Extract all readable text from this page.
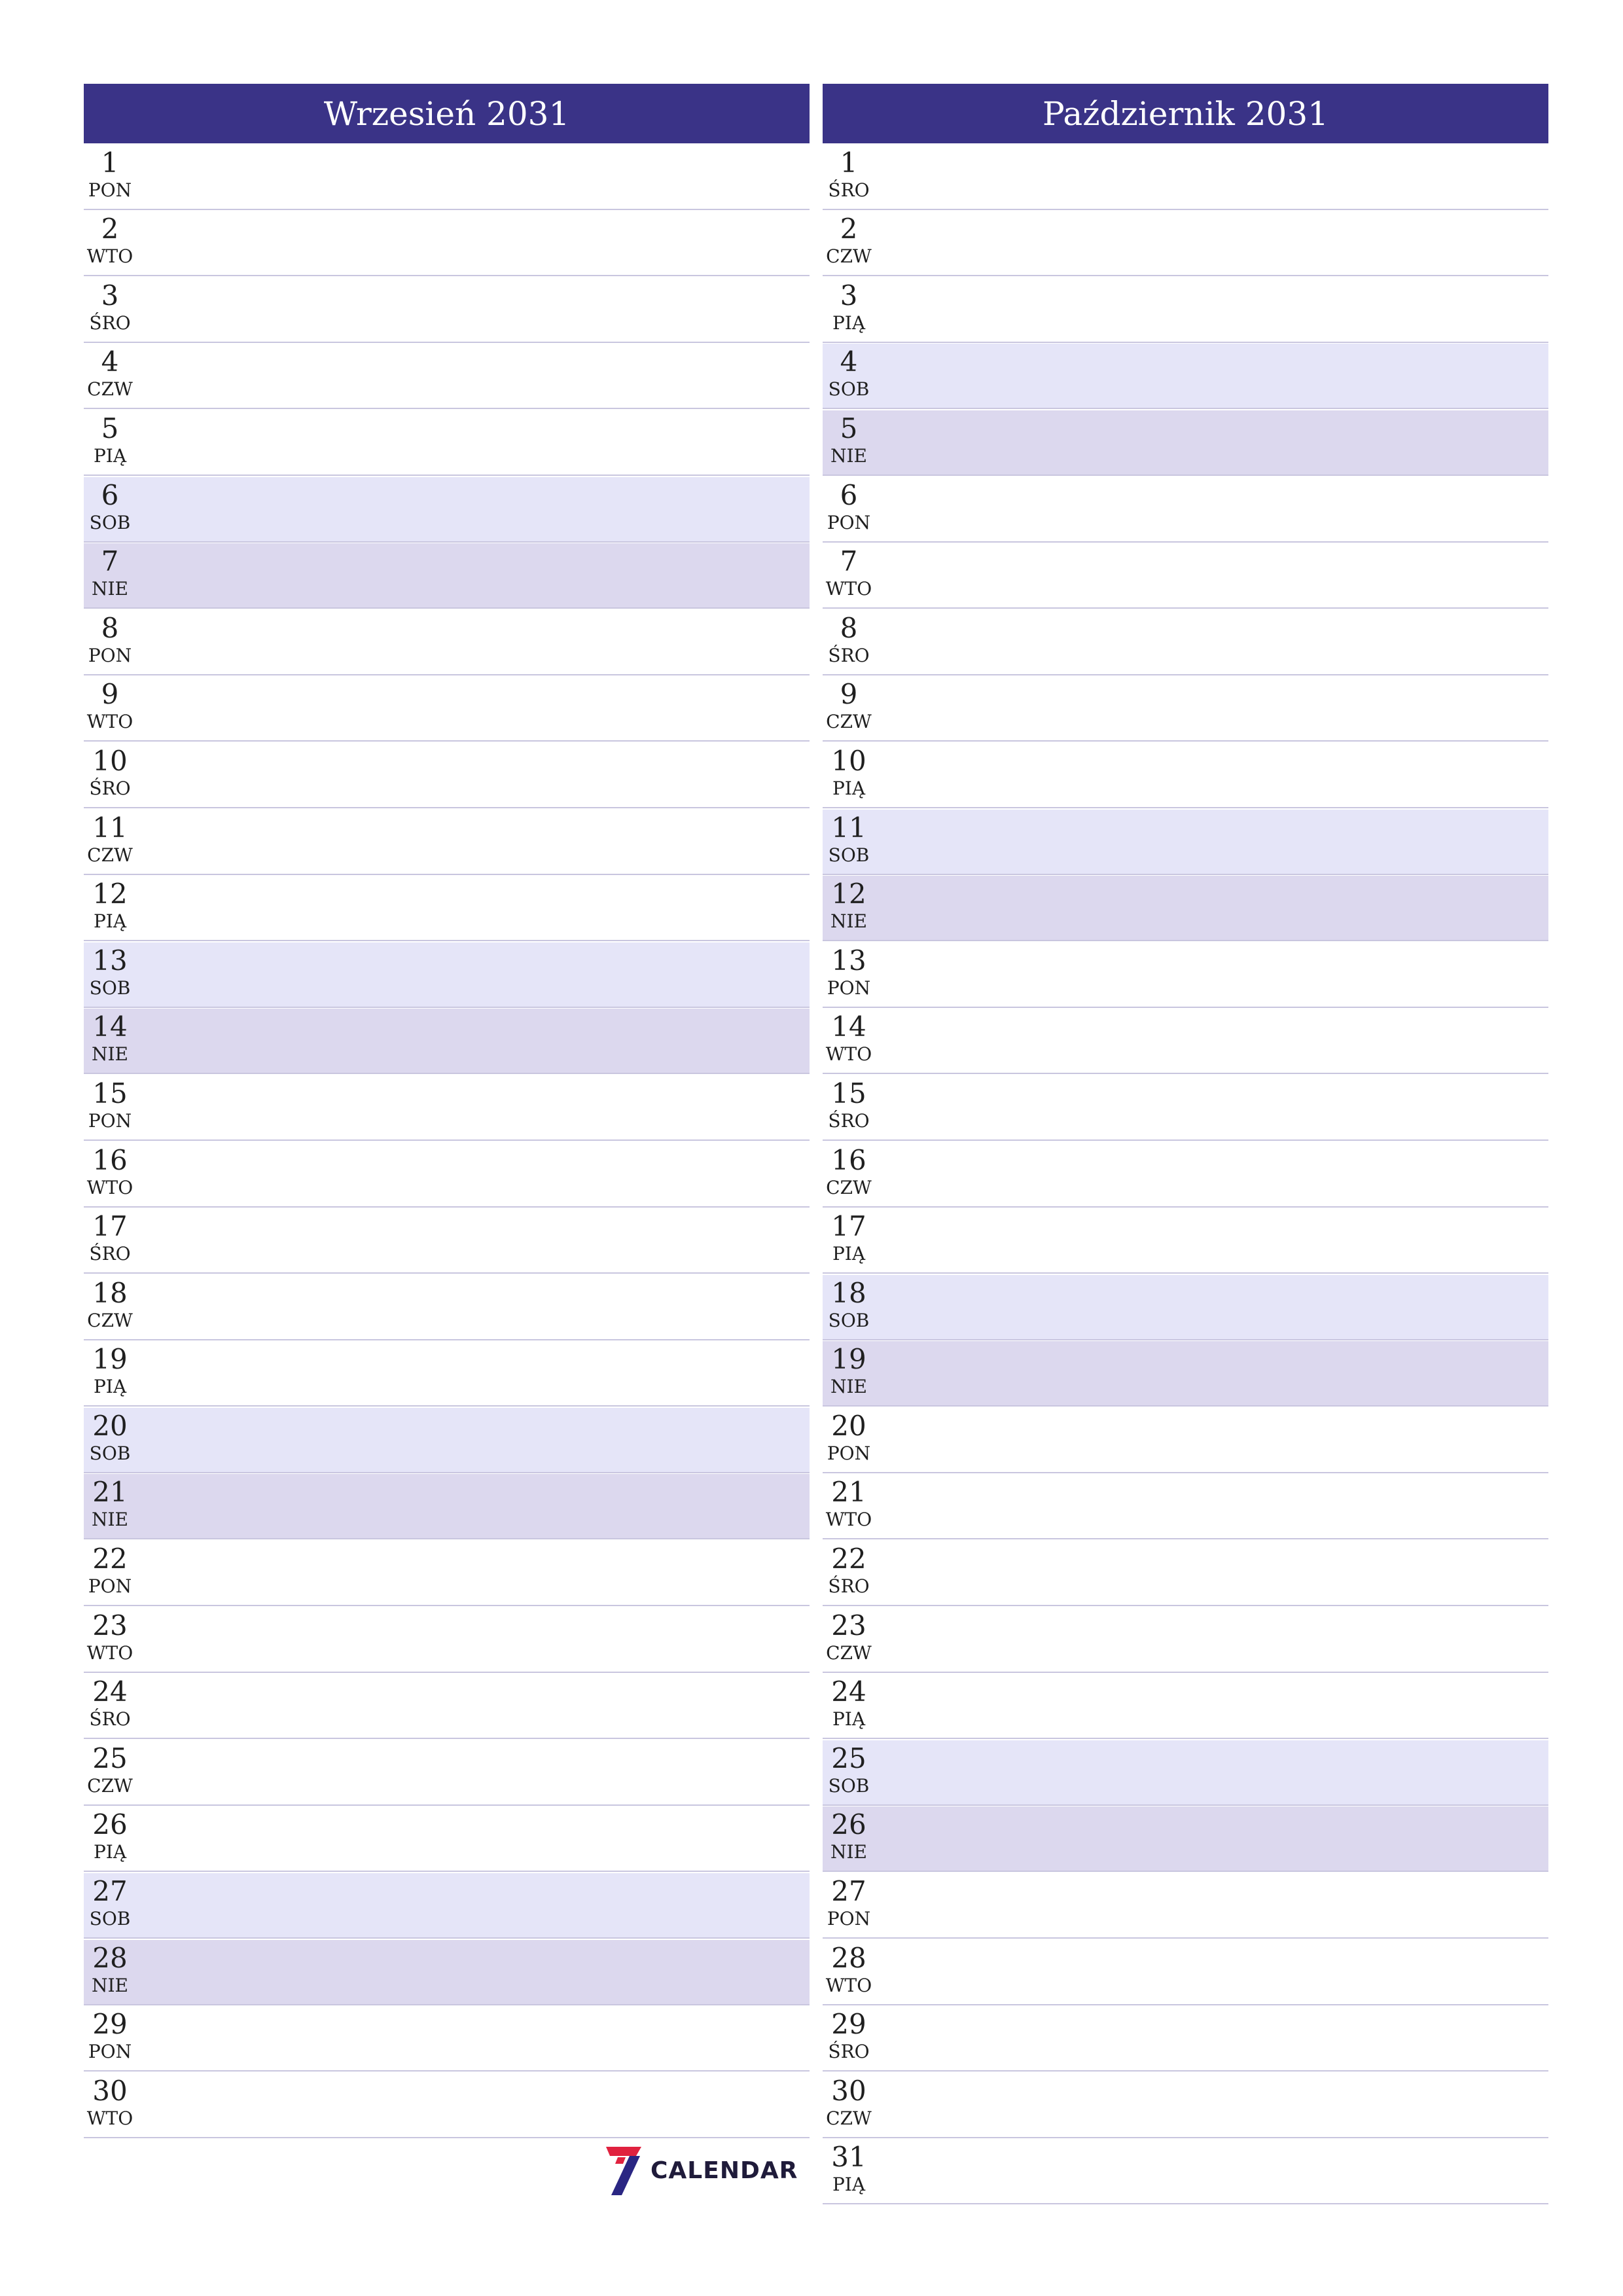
Wrzesień 2031
1
PON
2
WTO
3
ŚRO
4
CZW
5
PIĄ
6
SOB
7
NIE
8
PON
9
WTO
10
ŚRO
11
CZW
12
PIĄ
13
SOB
14
NIE
15
PON
16
WTO
17
ŚRO
18
CZW
19
PIĄ
20
SOB
21
NIE
22
PON
23
WTO
24
ŚRO
25
CZW
26
PIĄ
27
SOB
28
NIE
29
PON
30
WTO
Październik 2031
1
ŚRO
2
CZW
3
PIĄ
4
SOB
5
NIE
6
PON
7
WTO
8
ŚRO
9
CZW
10
PIĄ
11
SOB
12
NIE
13
PON
14
WTO
15
ŚRO
16
CZW
17
PIĄ
18
SOB
19
NIE
20
PON
21
WTO
22
ŚRO
23
CZW
24
PIĄ
25
SOB
26
NIE
27
PON
28
WTO
29
ŚRO
30
CZW
31
PIĄ
CALENDAR
